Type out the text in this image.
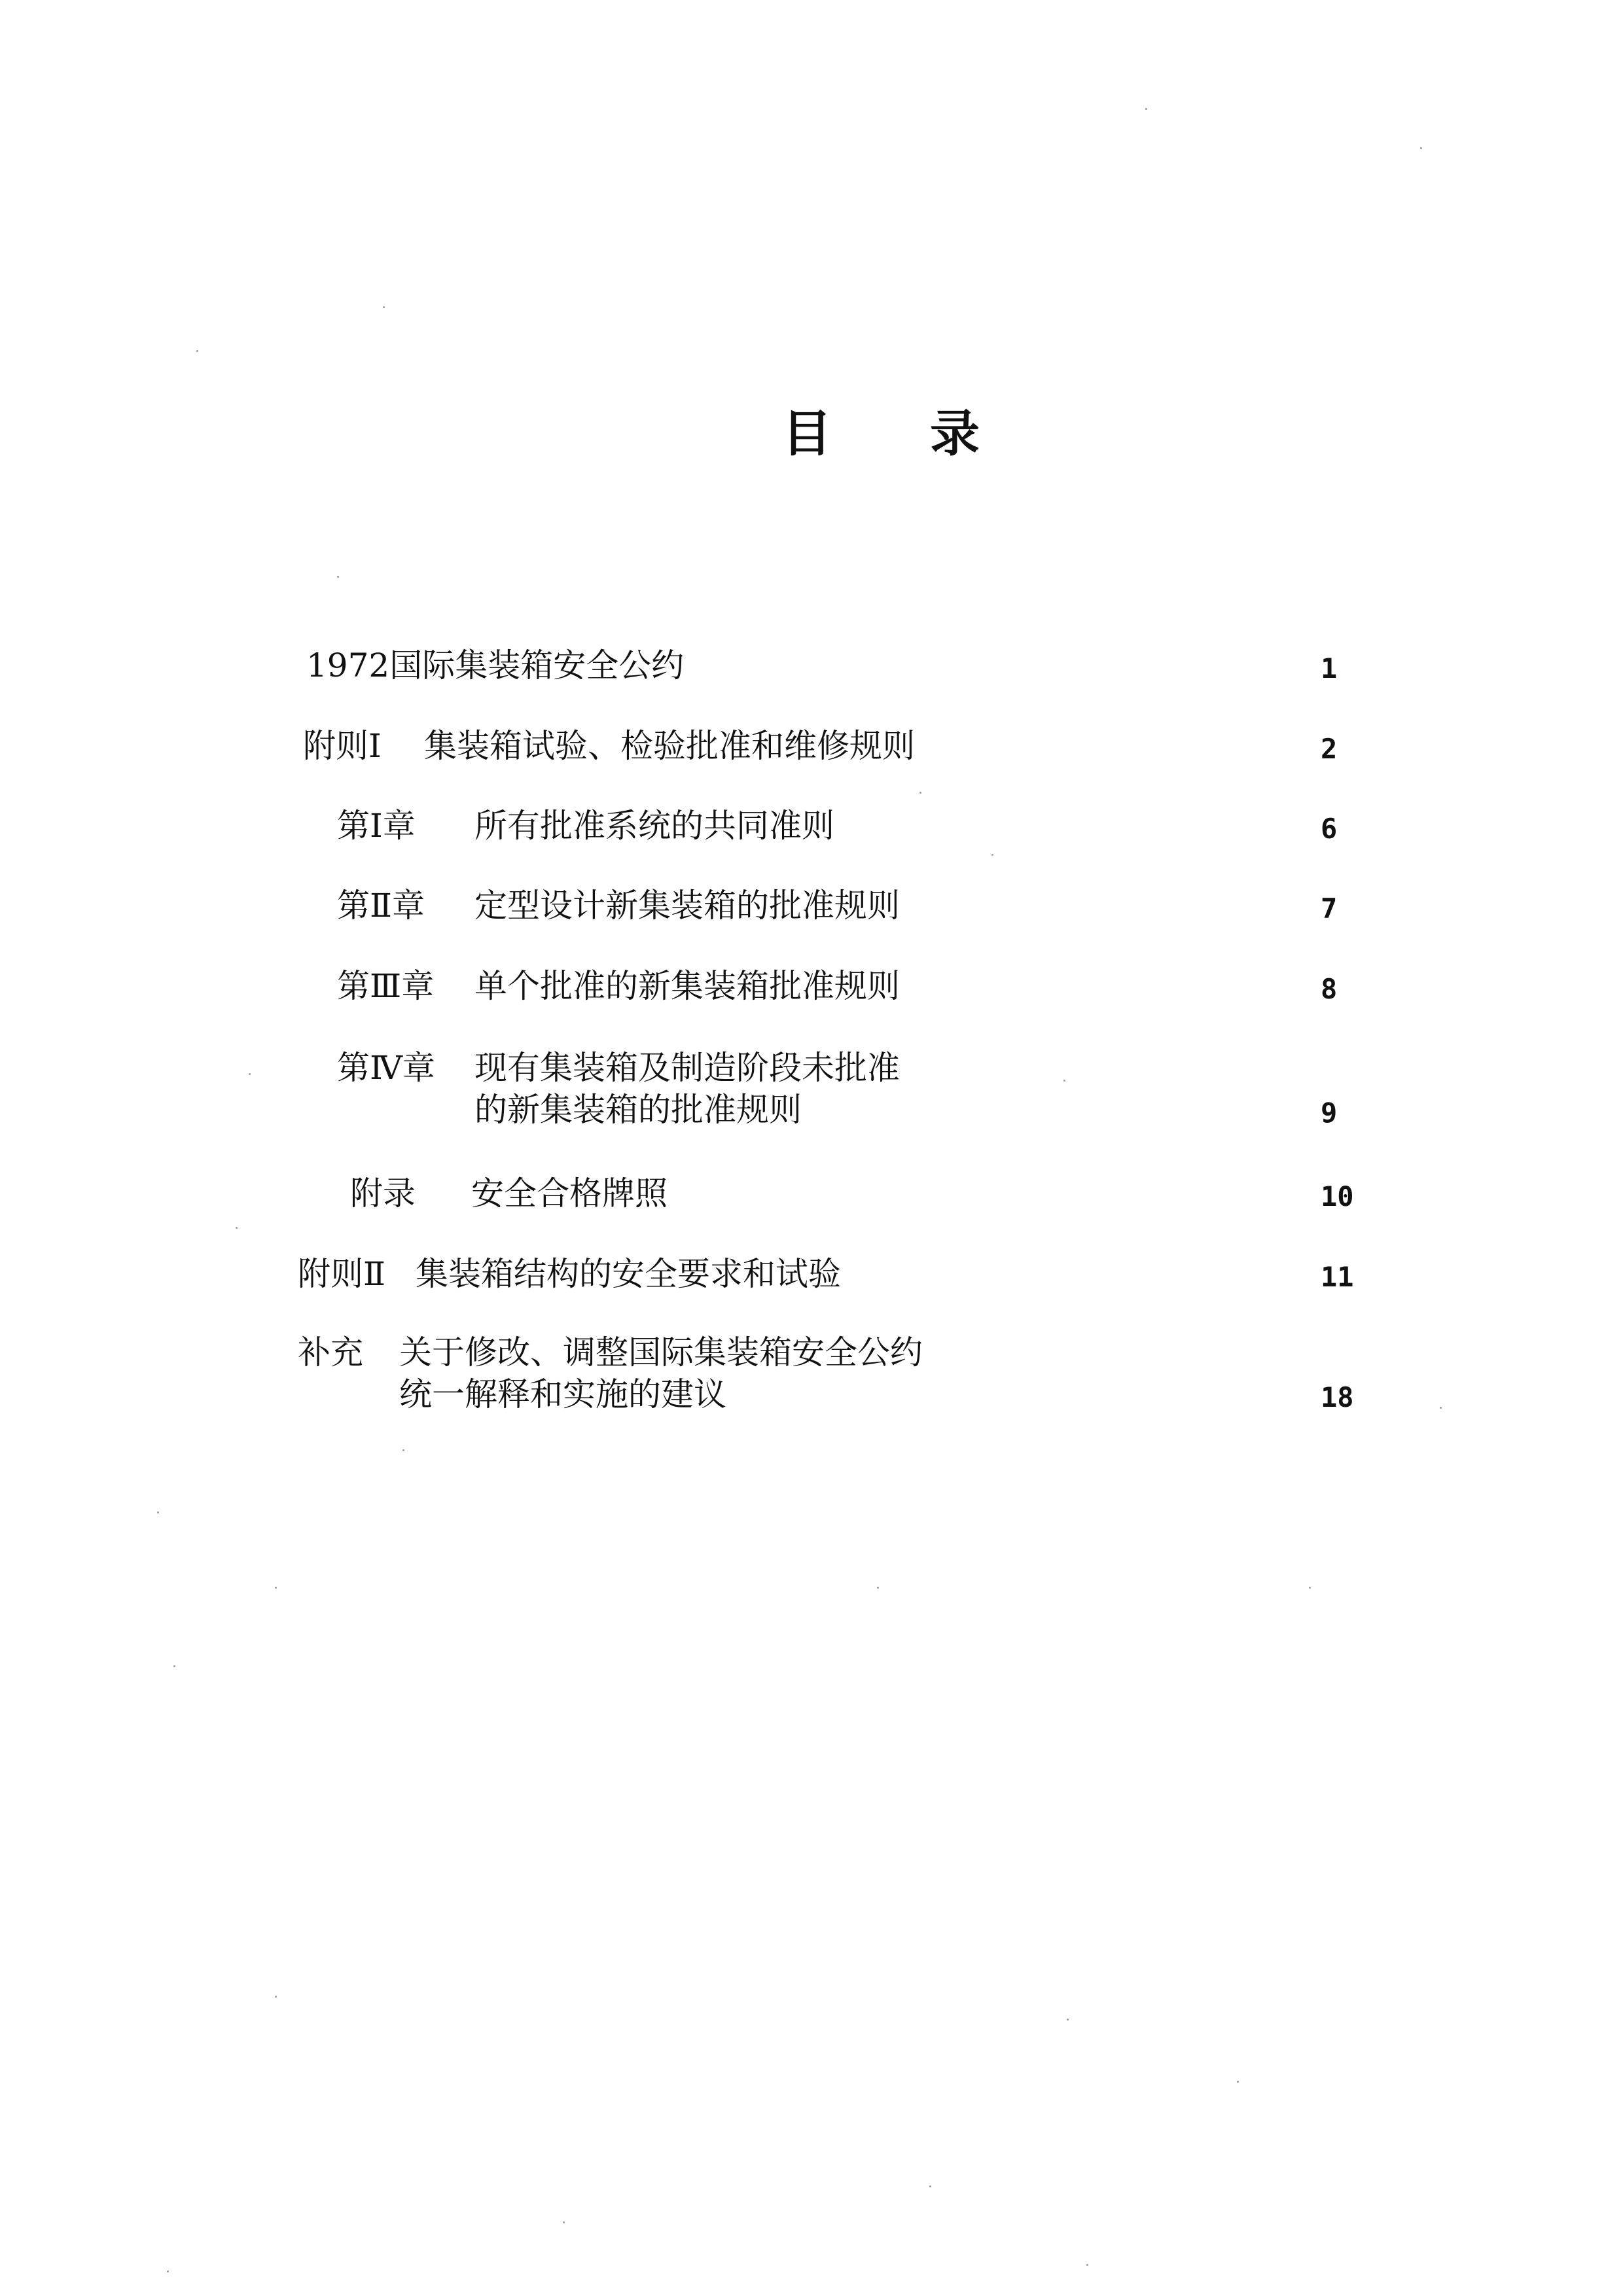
目 录
1972国际集装箱安全公约	1
附则Ⅰ 集装箱试验、检验批准和维修规则	2
第Ⅰ章 所有批准系统的共同准则	6
第Ⅱ章 定型设计新集装箱的批准规则	7
第Ⅲ章 单个批准的新集装箱批准规则	8
第Ⅳ章 现有集装箱及制造阶段未批准
的新集装箱的批准规则	9
附录 安全合格牌照	10
附则Ⅱ 集装箱结构的安全要求和试验	11
补充 关于修改、调整国际集装箱安全公约
统一解释和实施的建议	18
